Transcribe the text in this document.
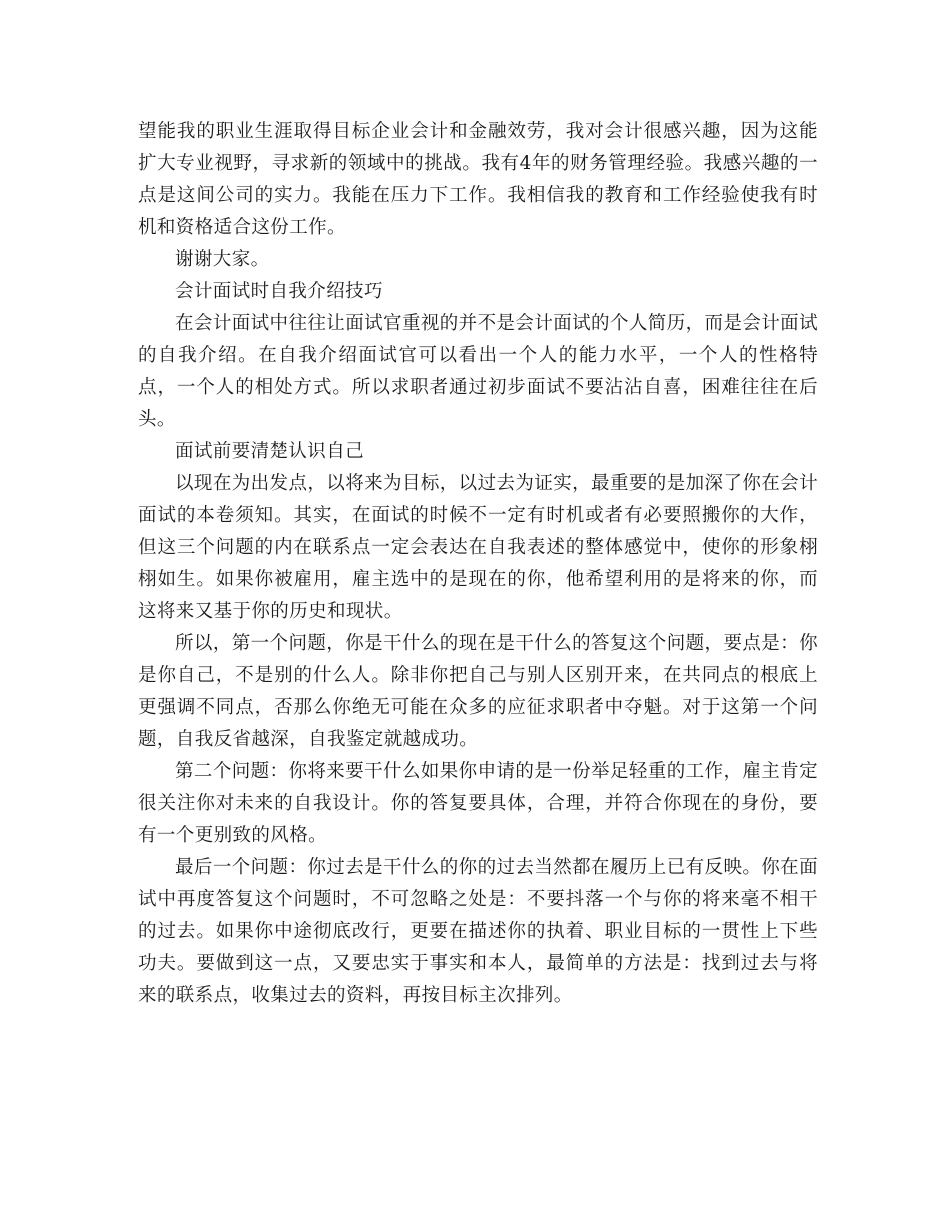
望能我的职业生涯取得目标企业会计和金融效劳，我对会计很感兴趣，因为这能扩大专业视野，寻求新的领域中的挑战。我有4年的财务管理经验。我感兴趣的一点是这间公司的实力。我能在压力下工作。我相信我的教育和工作经验使我有时机和资格适合这份工作。

谢谢大家。

会计面试时自我介绍技巧

在会计面试中往往让面试官重视的并不是会计面试的个人简历，而是会计面试的自我介绍。在自我介绍面试官可以看出一个人的能力水平，一个人的性格特点，一个人的相处方式。所以求职者通过初步面试不要沾沾自喜，困难往往在后头。

面试前要清楚认识自己

以现在为出发点，以将来为目标，以过去为证实，最重要的是加深了你在会计面试的本卷须知。其实，在面试的时候不一定有时机或者有必要照搬你的大作，但这三个问题的内在联系点一定会表达在自我表述的整体感觉中，使你的形象栩栩如生。如果你被雇用，雇主选中的是现在的你，他希望利用的是将来的你，而这将来又基于你的历史和现状。

所以，第一个问题，你是干什么的现在是干什么的答复这个问题，要点是：你是你自己，不是别的什么人。除非你把自己与别人区别开来，在共同点的根底上更强调不同点，否那么你绝无可能在众多的应征求职者中夺魁。对于这第一个问题，自我反省越深，自我鉴定就越成功。

第二个问题：你将来要干什么如果你申请的是一份举足轻重的工作，雇主肯定很关注你对未来的自我设计。你的答复要具体，合理，并符合你现在的身份，要有一个更别致的风格。

最后一个问题：你过去是干什么的你的过去当然都在履历上已有反映。你在面试中再度答复这个问题时，不可忽略之处是：不要抖落一个与你的将来毫不相干的过去。如果你中途彻底改行，更要在描述你的执着、职业目标的一贯性上下些功夫。要做到这一点，又要忠实于事实和本人，最简单的方法是：找到过去与将来的联系点，收集过去的资料，再按目标主次排列。
